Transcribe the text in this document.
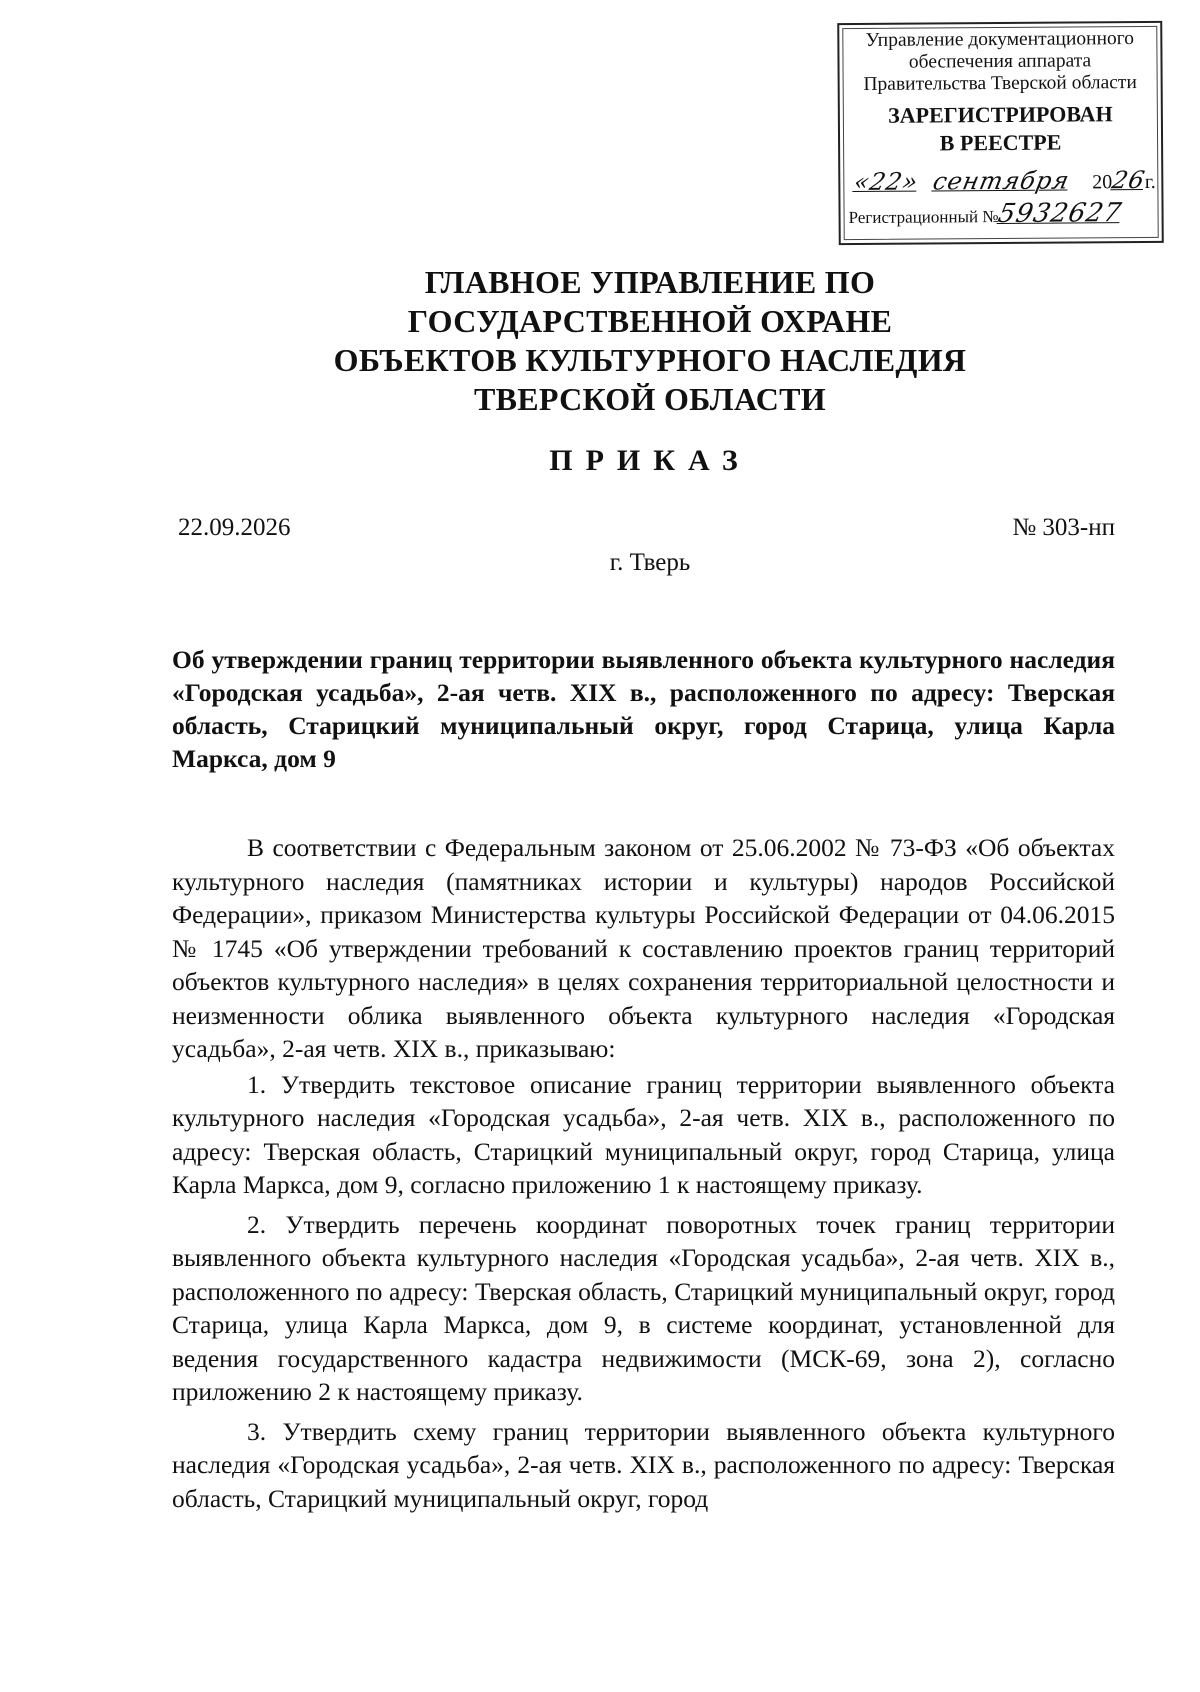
Управление документационного
обеспечения аппарата
Правительства Тверской области
ЗАРЕГИСТРИРОВАН
В РЕЕСТРЕ
«22» сентября 2026г.
Регистрационный №5932627
ГЛАВНОЕ УПРАВЛЕНИЕ ПО
ГОСУДАРСТВЕННОЙ ОХРАНЕ
ОБЪЕКТОВ КУЛЬТУРНОГО НАСЛЕДИЯ
ТВЕРСКОЙ ОБЛАСТИ
ПРИКАЗ
22.09.2026	№ 303-нп
г. Тверь
Об утверждении границ территории выявленного объекта культурного наследия «Городская усадьба», 2-ая четв. XIX в., расположенного по адресу: Тверская область, Старицкий муниципальный округ, город Старица, улица Карла Маркса, дом 9

В соответствии с Федеральным законом от 25.06.2002 № 73-ФЗ «Об объектах культурного наследия (памятниках истории и культуры) народов Российской Федерации», приказом Министерства культуры Российской Федерации от 04.06.2015 № 1745 «Об утверждении требований к составлению проектов границ территорий объектов культурного наследия» в целях сохранения территориальной целостности и неизменности облика выявленного объекта культурного наследия «Городская усадьба», 2-ая четв. XIX в., приказываю:

1. Утвердить текстовое описание границ территории выявленного объекта культурного наследия «Городская усадьба», 2-ая четв. XIX в., расположенного по адресу: Тверская область, Старицкий муниципальный округ, город Старица, улица Карла Маркса, дом 9, согласно приложению 1 к настоящему приказу.

2. Утвердить перечень координат поворотных точек границ территории выявленного объекта культурного наследия «Городская усадьба», 2-ая четв. XIX в., расположенного по адресу: Тверская область, Старицкий муниципальный округ, город Старица, улица Карла Маркса, дом 9, в системе координат, установленной для ведения государственного кадастра недвижимости (МСК-69, зона 2), согласно приложению 2 к настоящему приказу.

3. Утвердить схему границ территории выявленного объекта культурного наследия «Городская усадьба», 2-ая четв. XIX в., расположенного по адресу: Тверская область, Старицкий муниципальный округ, город
